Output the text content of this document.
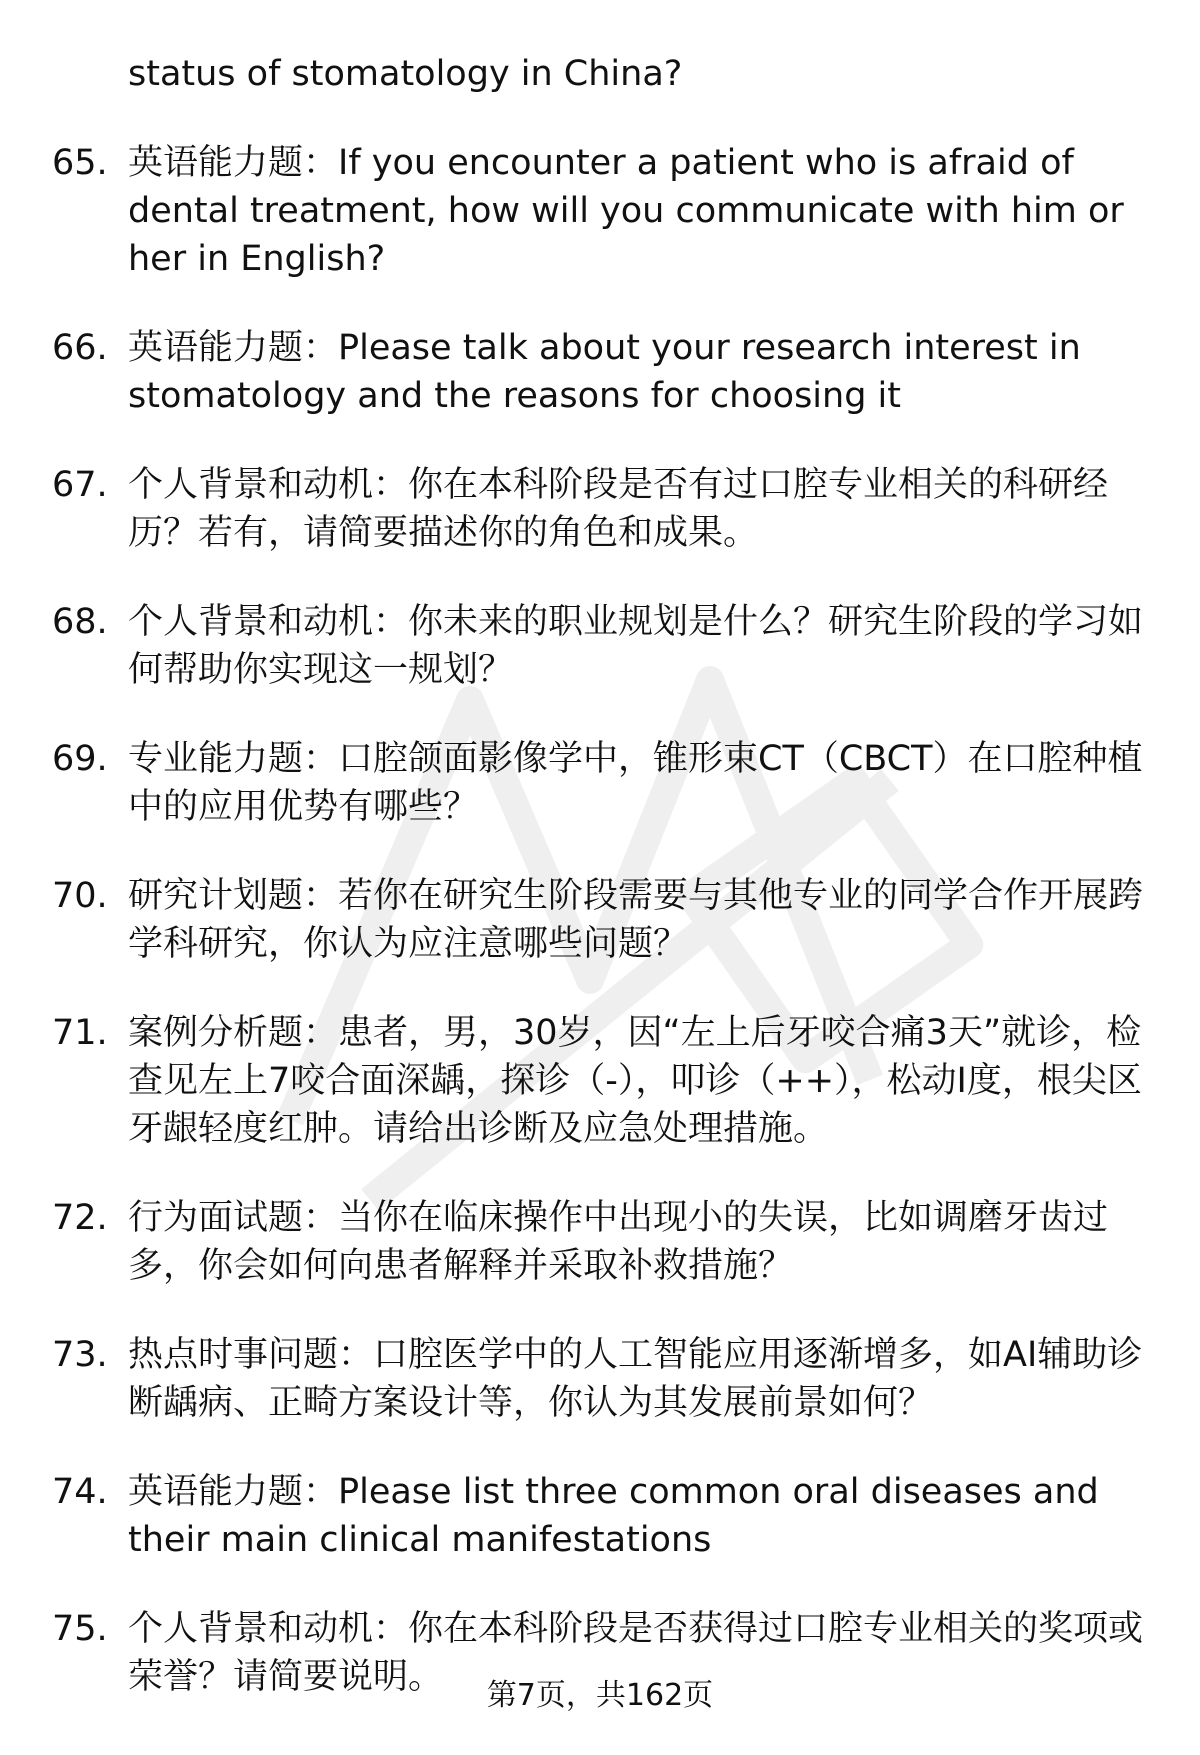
status of stomatology in China?
65. 英语能力题：If you encounter a patient who is afraid of dental treatment, how will you communicate with him or her in English?
66. 英语能力题：Please talk about your research interest in stomatology and the reasons for choosing it
67. 个人背景和动机：你在本科阶段是否有过口腔专业相关的科研经历？若有，请简要描述你的角色和成果。
68. 个人背景和动机：你未来的职业规划是什么？研究生阶段的学习如何帮助你实现这一规划？
69. 专业能力题：口腔颌面影像学中，锥形束CT（CBCT）在口腔种植中的应用优势有哪些？
70. 研究计划题：若你在研究生阶段需要与其他专业的同学合作开展跨学科研究，你认为应注意哪些问题？
71. 案例分析题：患者，男，30岁，因“左上后牙咬合痛3天”就诊，检查见左上7咬合面深龋，探诊（-），叩诊（++），松动Ⅰ度，根尖区牙龈轻度红肿。请给出诊断及应急处理措施。
72. 行为面试题：当你在临床操作中出现小的失误，比如调磨牙齿过多，你会如何向患者解释并采取补救措施？
73. 热点时事问题：口腔医学中的人工智能应用逐渐增多，如AI辅助诊断龋病、正畸方案设计等，你认为其发展前景如何？
74. 英语能力题：Please list three common oral diseases and their main clinical manifestations
75. 个人背景和动机：你在本科阶段是否获得过口腔专业相关的奖项或荣誉？请简要说明。	第7页，共162页
